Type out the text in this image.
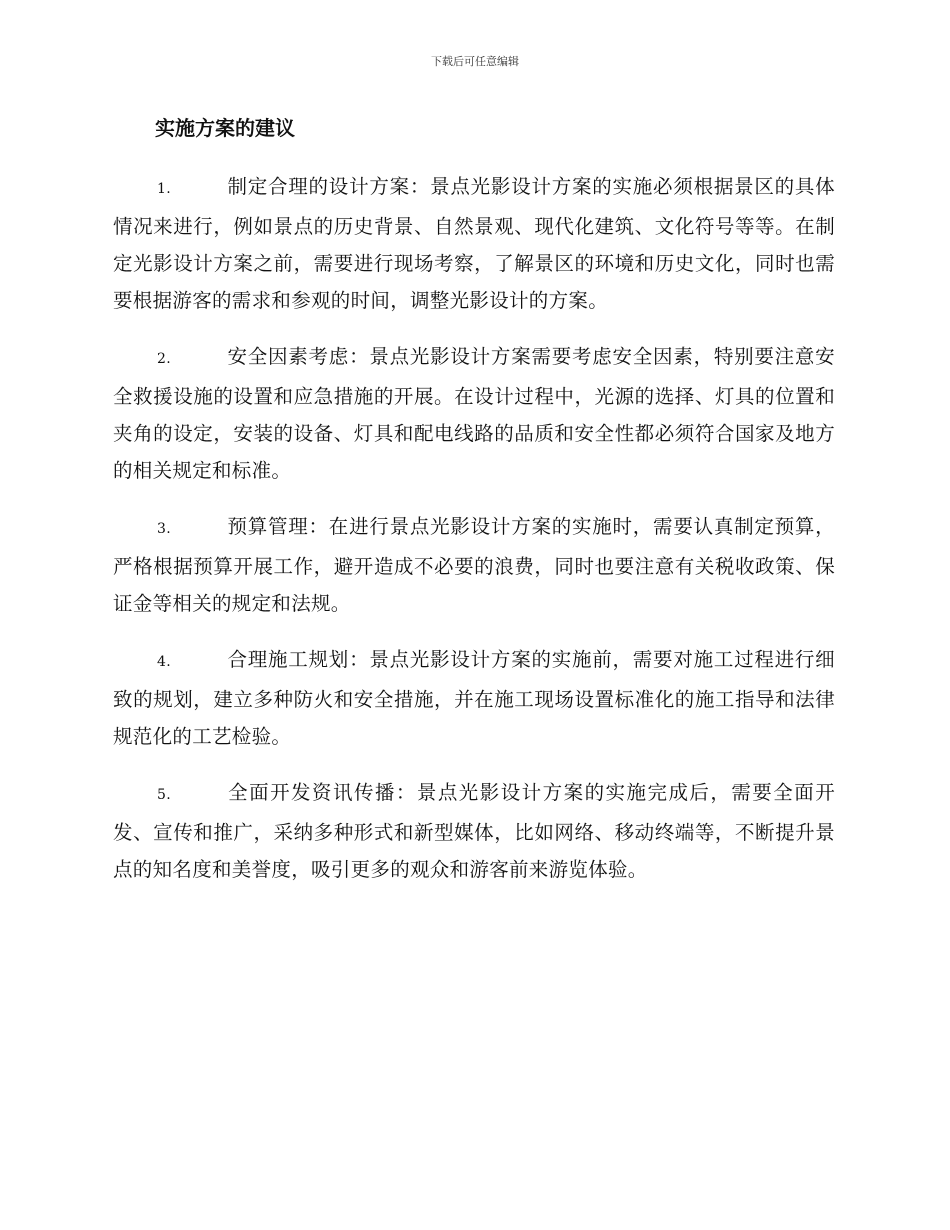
下载后可任意编辑
实施方案的建议

1.	制定合理的设计方案：景点光影设计方案的实施必须根据景区的具体情况来进行，例如景点的历史背景、自然景观、现代化建筑、文化符号等等。在制定光影设计方案之前，需要进行现场考察，了解景区的环境和历史文化，同时也需要根据游客的需求和参观的时间，调整光影设计的方案。

2.	安全因素考虑：景点光影设计方案需要考虑安全因素，特别要注意安全救援设施的设置和应急措施的开展。在设计过程中，光源的选择、灯具的位置和夹角的设定，安装的设备、灯具和配电线路的品质和安全性都必须符合国家及地方的相关规定和标准。

3.	预算管理：在进行景点光影设计方案的实施时，需要认真制定预算，严格根据预算开展工作，避开造成不必要的浪费，同时也要注意有关税收政策、保证金等相关的规定和法规。

4.	合理施工规划：景点光影设计方案的实施前，需要对施工过程进行细致的规划，建立多种防火和安全措施，并在施工现场设置标准化的施工指导和法律规范化的工艺检验。

5.	全面开发资讯传播：景点光影设计方案的实施完成后，需要全面开发、宣传和推广，采纳多种形式和新型媒体，比如网络、移动终端等，不断提升景点的知名度和美誉度，吸引更多的观众和游客前来游览体验。
